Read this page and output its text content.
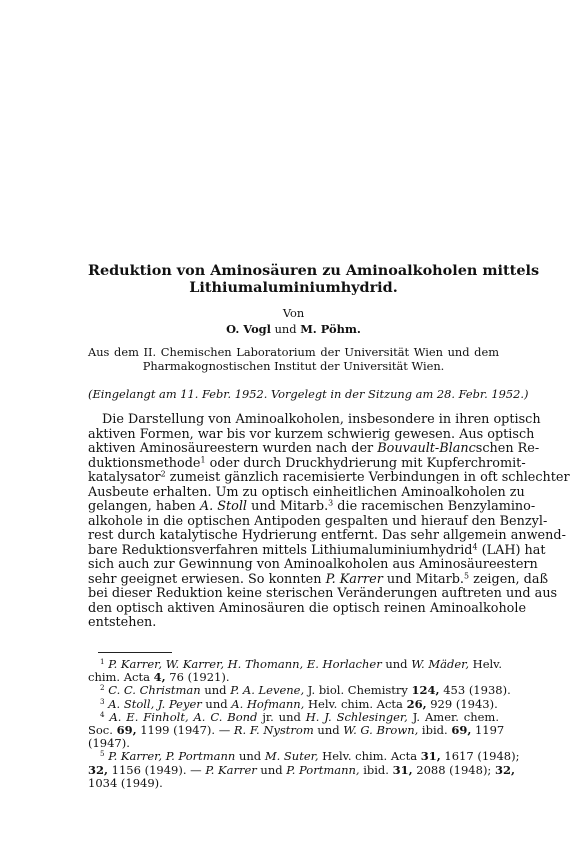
Reduktion von Aminosäuren zu Aminoalkoholen mittels
Lithiumaluminiumhydrid.
Von
O. Vogl und M. Pöhm.
Aus dem II. Chemischen Laboratorium der Universität Wien und dem
Pharmakognostischen Institut der Universität Wien.
(Eingelangt am 11. Febr. 1952. Vorgelegt in der Sitzung am 28. Febr. 1952.)
Die Darstellung von Aminoalkoholen, insbesondere in ihren optisch
aktiven Formen, war bis vor kurzem schwierig gewesen. Aus optisch
aktiven Aminosäureestern wurden nach der Bouvault-Blancschen Re-
duktionsmethode$^1$ oder durch Druckhydrierung mit Kupferchromit-
katalysator$^2$ zumeist gänzlich racemisierte Verbindungen in oft schlechter
Ausbeute erhalten. Um zu optisch einheitlichen Aminoalkoholen zu
gelangen, haben A. Stoll und Mitarb.$^3$ die racemischen Benzylamino-
alkohole in die optischen Antipoden gespalten und hierauf den Benzyl-
rest durch katalytische Hydrierung entfernt. Das sehr allgemein anwend-
bare Reduktionsverfahren mittels Lithiumaluminiumhydrid$^4$ (LAH) hat
sich auch zur Gewinnung von Aminoalkoholen aus Aminosäureestern
sehr geeignet erwiesen. So konnten P. Karrer und Mitarb.$^5$ zeigen, daß
bei dieser Reduktion keine sterischen Veränderungen auftreten und aus
den optisch aktiven Aminosäuren die optisch reinen Aminoalkohole
entstehen.
$^1$ P. Karrer, W. Karrer, H. Thomann, E. Horlacher und W. Mäder, Helv.
chim. Acta 4, 76 (1921).
$^2$ C. C. Christman und P. A. Levene, J. biol. Chemistry 124, 453 (1938).
$^3$ A. Stoll, J. Peyer und A. Hofmann, Helv. chim. Acta 26, 929 (1943).
$^4$ A. E. Finholt, A. C. Bond jr. und H. J. Schlesinger, J. Amer. chem.
Soc. 69, 1199 (1947). — R. F. Nystrom und W. G. Brown, ibid. 69, 1197
(1947).
$^5$ P. Karrer, P. Portmann und M. Suter, Helv. chim. Acta 31, 1617 (1948);
32, 1156 (1949). — P. Karrer und P. Portmann, ibid. 31, 2088 (1948); 32,
1034 (1949).
